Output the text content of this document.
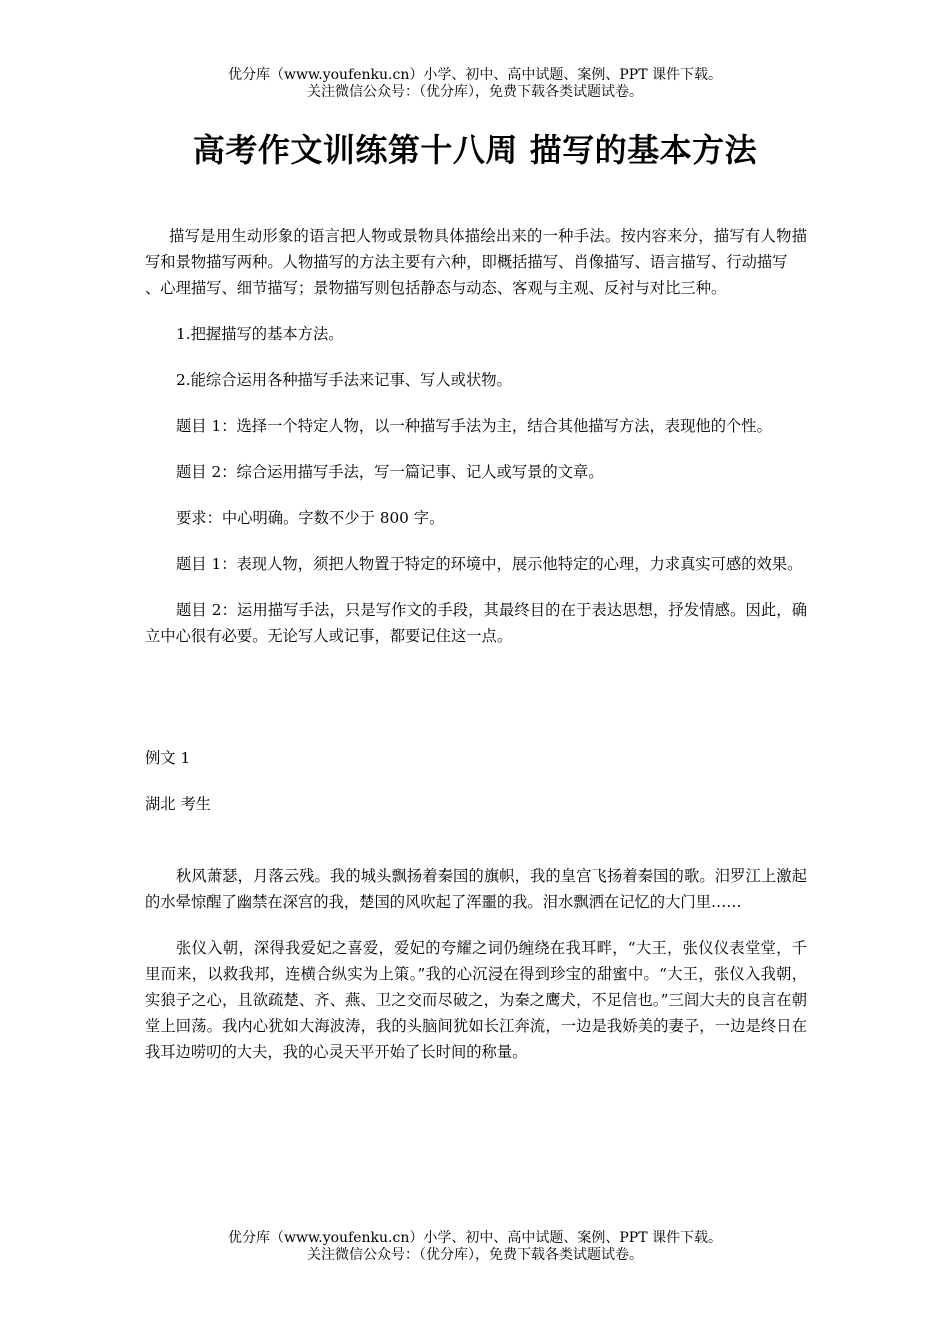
优分库（www.youfenku.cn）小学、初中、高中试题、案例、PPT 课件下载。
关注微信公众号：（优分库），免费下载各类试题试卷。
高考作文训练第十八周 描写的基本方法

描写是用生动形象的语言把人物或景物具体描绘出来的一种手法。按内容来分，描写有人物描写和景物描写两种。人物描写的方法主要有六种，即概括描写、肖像描写、语言描写、行动描写

、心理描写、细节描写；景物描写则包括静态与动态、客观与主观、反衬与对比三种。

1.把握描写的基本方法。

2.能综合运用各种描写手法来记事、写人或状物。

题目 1：选择一个特定人物，以一种描写手法为主，结合其他描写方法，表现他的个性。

题目 2：综合运用描写手法，写一篇记事、记人或写景的文章。

要求：中心明确。字数不少于 800 字。

题目 1：表现人物，须把人物置于特定的环境中，展示他特定的心理，力求真实可感的效果。

题目 2：运用描写手法，只是写作文的手段，其最终目的在于表达思想，抒发情感。因此，确立中心很有必要。无论写人或记事，都要记住这一点。

例文 1

湖北 考生

秋风萧瑟，月落云残。我的城头飘扬着秦国的旗帜，我的皇宫飞扬着秦国的歌。汨罗江上激起的水晕惊醒了幽禁在深宫的我，楚国的风吹起了浑噩的我。泪水飘洒在记忆的大门里……

张仪入朝，深得我爱妃之喜爱，爱妃的夸耀之词仍缠绕在我耳畔，“大王，张仪仪表堂堂，千里而来，以救我邦，连横合纵实为上策。”我的心沉浸在得到珍宝的甜蜜中。“大王，张仪入我朝，实狼子之心，且欲疏楚、齐、燕、卫之交而尽破之，为秦之鹰犬，不足信也。”三闾大夫的良言在朝堂上回荡。我内心犹如大海波涛，我的头脑间犹如长江奔流，一边是我娇美的妻子，一边是终日在我耳边唠叨的大夫，我的心灵天平开始了长时间的称量。

优分库（www.youfenku.cn）小学、初中、高中试题、案例、PPT 课件下载。
关注微信公众号：（优分库），免费下载各类试题试卷。
